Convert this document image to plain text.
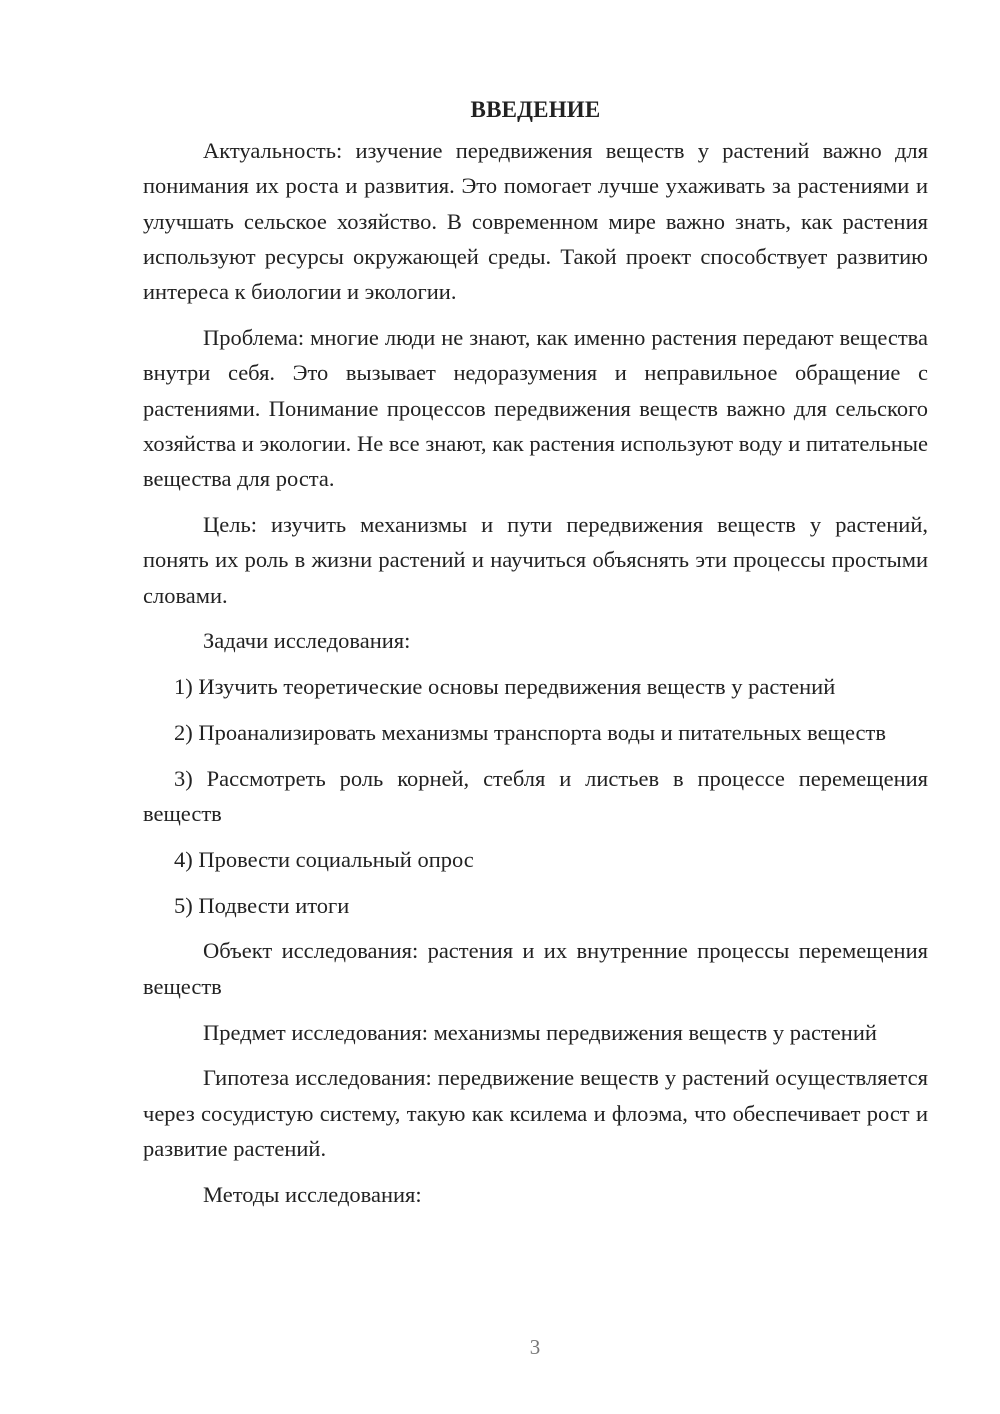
ВВЕДЕНИЕ

Актуальность: изучение передвижения веществ у растений важно для понимания их роста и развития. Это помогает лучше ухаживать за растениями и улучшать сельское хозяйство. В современном мире важно знать, как растения используют ресурсы окружающей среды. Такой проект способствует развитию интереса к биологии и экологии.

Проблема: многие люди не знают, как именно растения передают вещества внутри себя. Это вызывает недоразумения и неправильное обращение с растениями. Понимание процессов передвижения веществ важно для сельского хозяйства и экологии. Не все знают, как растения используют воду и питательные вещества для роста.

Цель: изучить механизмы и пути передвижения веществ у растений, понять их роль в жизни растений и научиться объяснять эти процессы простыми словами.

Задачи исследования:

1) Изучить теоретические основы передвижения веществ у растений

2) Проанализировать механизмы транспорта воды и питательных веществ

3) Рассмотреть роль корней, стебля и листьев в процессе перемещения веществ

4) Провести социальный опрос

5) Подвести итоги

Объект исследования: растения и их внутренние процессы перемещения веществ

Предмет исследования: механизмы передвижения веществ у растений

Гипотеза исследования: передвижение веществ у растений осуществляется через сосудистую систему, такую как ксилема и флоэма, что обеспечивает рост и развитие растений.

Методы исследования:

3
